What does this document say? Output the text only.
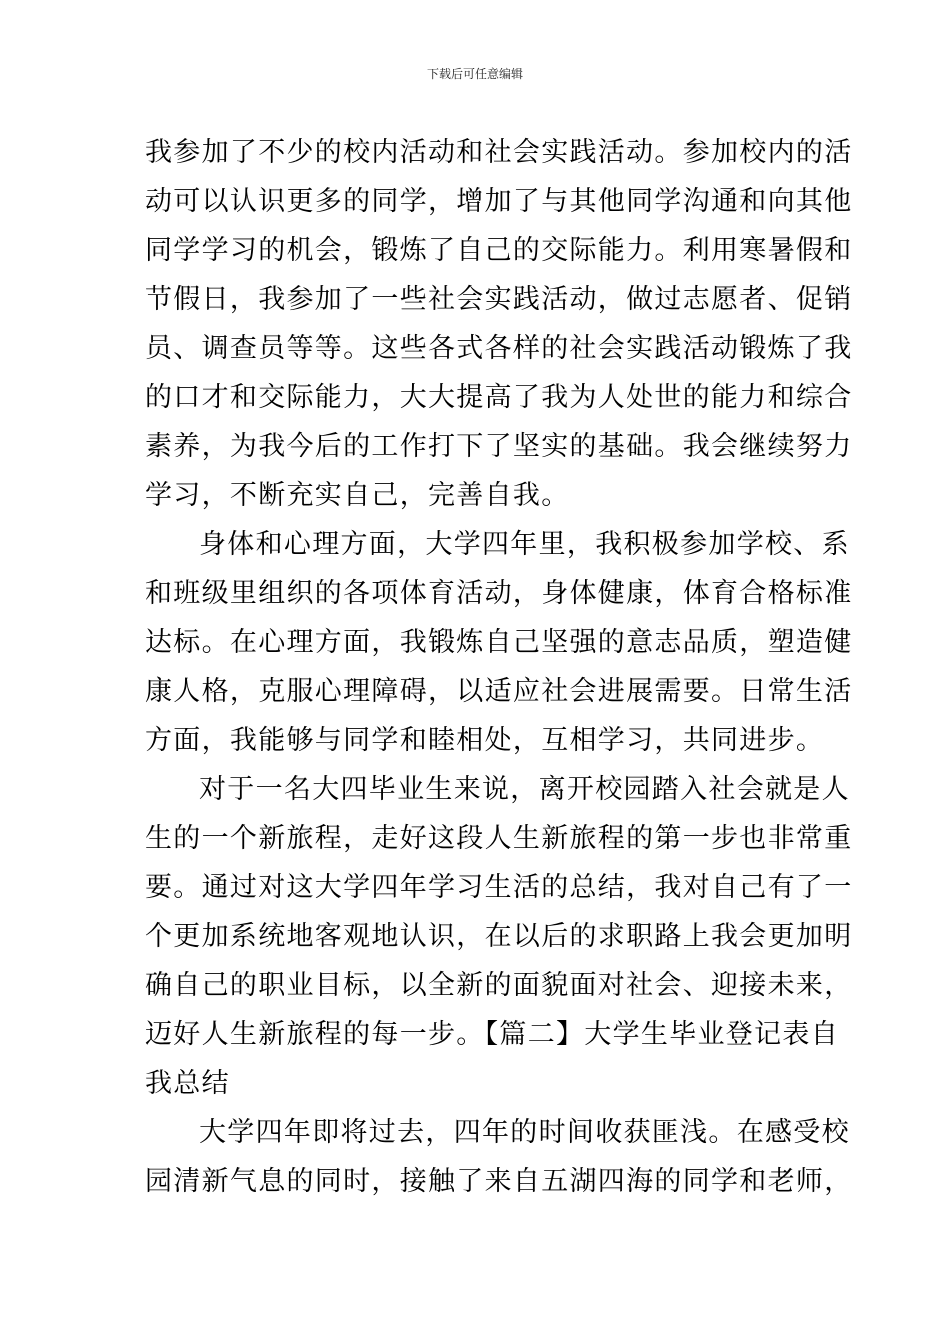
下载后可任意编辑
我参加了不少的校内活动和社会实践活动。参加校内的活
动可以认识更多的同学，增加了与其他同学沟通和向其他
同学学习的机会，锻炼了自己的交际能力。利用寒暑假和
节假日，我参加了一些社会实践活动，做过志愿者、促销
员、调查员等等。这些各式各样的社会实践活动锻炼了我
的口才和交际能力，大大提高了我为人处世的能力和综合
素养，为我今后的工作打下了坚实的基础。我会继续努力
学习，不断充实自己，完善自我。
身体和心理方面，大学四年里，我积极参加学校、系
和班级里组织的各项体育活动，身体健康，体育合格标准
达标。在心理方面，我锻炼自己坚强的意志品质，塑造健
康人格，克服心理障碍，以适应社会进展需要。日常生活
方面，我能够与同学和睦相处，互相学习，共同进步。
对于一名大四毕业生来说，离开校园踏入社会就是人
生的一个新旅程，走好这段人生新旅程的第一步也非常重
要。通过对这大学四年学习生活的总结，我对自己有了一
个更加系统地客观地认识，在以后的求职路上我会更加明
确自己的职业目标，以全新的面貌面对社会、迎接未来，
迈好人生新旅程的每一步。【篇二】大学生毕业登记表自
我总结
大学四年即将过去，四年的时间收获匪浅。在感受校
园清新气息的同时，接触了来自五湖四海的同学和老师，
